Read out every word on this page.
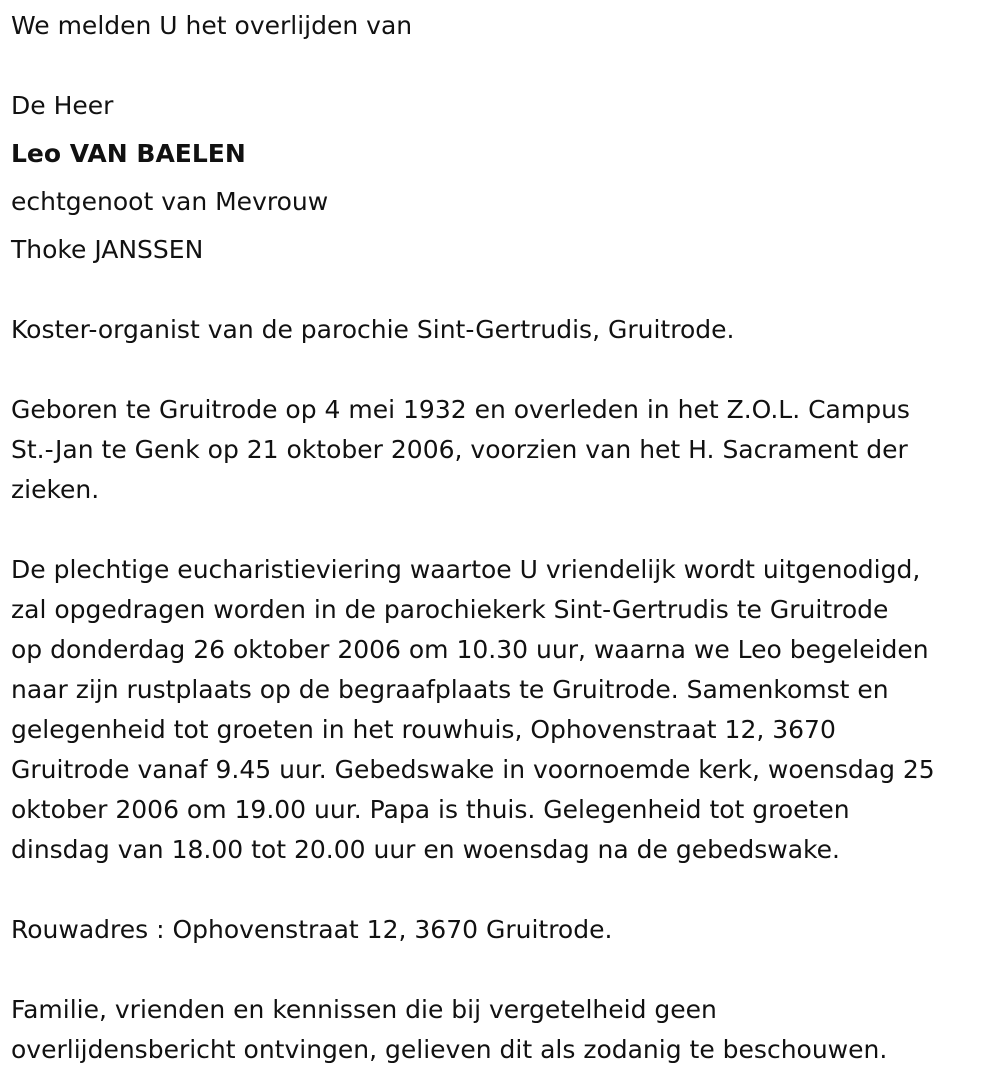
We melden U het overlijden van
De Heer
Leo VAN BAELEN
echtgenoot van Mevrouw
Thoke JANSSEN
Koster-organist van de parochie Sint-Gertrudis, Gruitrode.
Geboren te Gruitrode op 4 mei 1932 en overleden in het Z.O.L. Campus
St.-Jan te Genk op 21 oktober 2006, voorzien van het H. Sacrament der
zieken.
De plechtige eucharistieviering waartoe U vriendelijk wordt uitgenodigd,
zal opgedragen worden in de parochiekerk Sint-Gertrudis te Gruitrode
op donderdag 26 oktober 2006 om 10.30 uur, waarna we Leo begeleiden
naar zijn rustplaats op de begraafplaats te Gruitrode. Samenkomst en
gelegenheid tot groeten in het rouwhuis, Ophovenstraat 12, 3670
Gruitrode vanaf 9.45 uur. Gebedswake in voornoemde kerk, woensdag 25
oktober 2006 om 19.00 uur. Papa is thuis. Gelegenheid tot groeten
dinsdag van 18.00 tot 20.00 uur en woensdag na de gebedswake.
Rouwadres : Ophovenstraat 12, 3670 Gruitrode.
Familie, vrienden en kennissen die bij vergetelheid geen
overlijdensbericht ontvingen, gelieven dit als zodanig te beschouwen.
